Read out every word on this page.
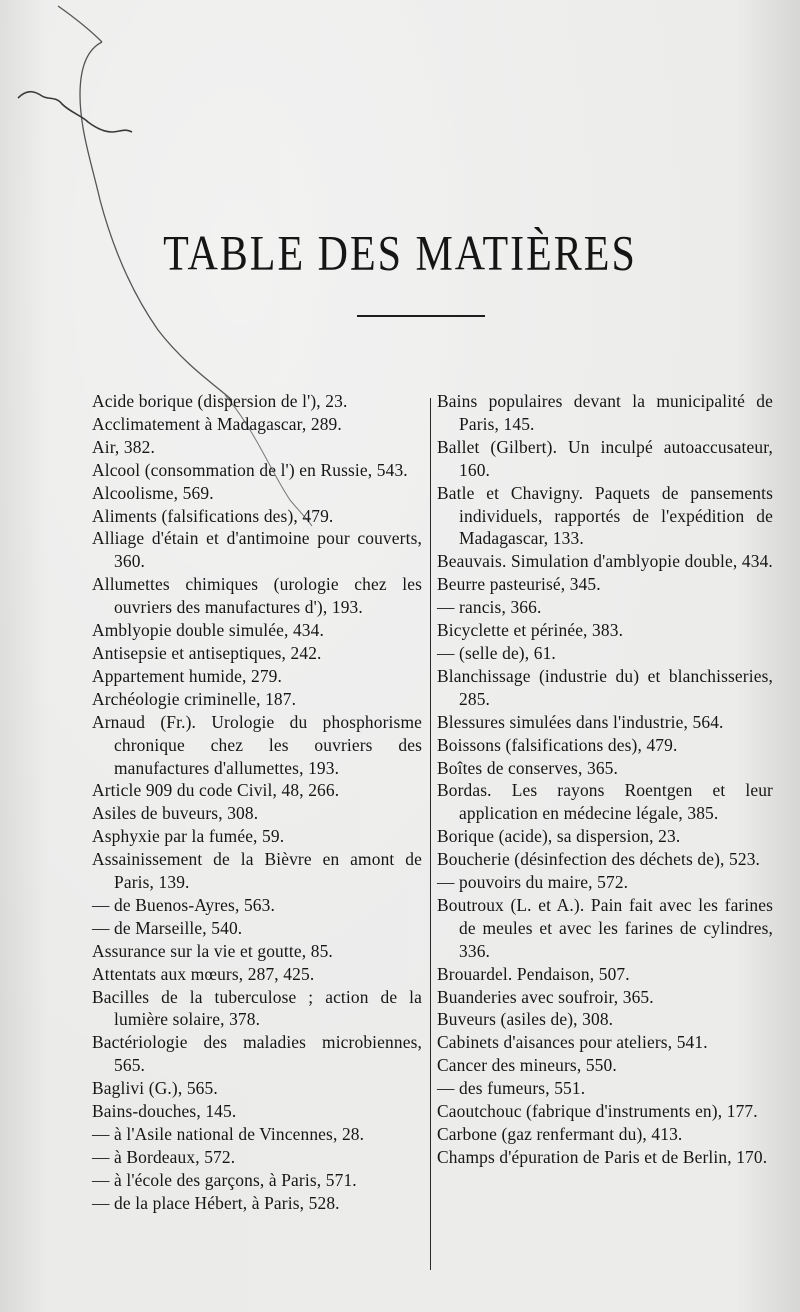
TABLE DES MATIÈRES
Acide borique (dispersion de l'), 23.
Acclimatement à Madagascar, 289.
Air, 382.
Alcool (consommation de l') en Russie, 543.
Alcoolisme, 569.
Aliments (falsifications des), 479.
Alliage d'étain et d'antimoine pour couverts, 360.
Allumettes chimiques (urologie chez les ouvriers des manufactures d'), 193.
Amblyopie double simulée, 434.
Antisepsie et antiseptiques, 242.
Appartement humide, 279.
Archéologie criminelle, 187.
Arnaud (Fr.). Urologie du phosphorisme chronique chez les ouvriers des manufactures d'allumettes, 193.
Article 909 du code Civil, 48, 266.
Asiles de buveurs, 308.
Asphyxie par la fumée, 59.
Assainissement de la Bièvre en amont de Paris, 139.
— de Buenos-Ayres, 563.
— de Marseille, 540.
Assurance sur la vie et goutte, 85.
Attentats aux mœurs, 287, 425.
Bacilles de la tuberculose ; action de la lumière solaire, 378.
Bactériologie des maladies microbiennes, 565.
Baglivi (G.), 565.
Bains-douches, 145.
— à l'Asile national de Vincennes, 28.
— à Bordeaux, 572.
— à l'école des garçons, à Paris, 571.
— de la place Hébert, à Paris, 528.
Bains populaires devant la municipalité de Paris, 145.
Ballet (Gilbert). Un inculpé autoaccusateur, 160.
Batle et Chavigny. Paquets de pansements individuels, rapportés de l'expédition de Madagascar, 133.
Beauvais. Simulation d'amblyopie double, 434.
Beurre pasteurisé, 345.
— rancis, 366.
Bicyclette et périnée, 383.
— (selle de), 61.
Blanchissage (industrie du) et blanchisseries, 285.
Blessures simulées dans l'industrie, 564.
Boissons (falsifications des), 479.
Boîtes de conserves, 365.
Bordas. Les rayons Roentgen et leur application en médecine légale, 385.
Borique (acide), sa dispersion, 23.
Boucherie (désinfection des déchets de), 523.
— pouvoirs du maire, 572.
Boutroux (L. et A.). Pain fait avec les farines de meules et avec les farines de cylindres, 336.
Brouardel. Pendaison, 507.
Buanderies avec soufroir, 365.
Buveurs (asiles de), 308.
Cabinets d'aisances pour ateliers, 541.
Cancer des mineurs, 550.
— des fumeurs, 551.
Caoutchouc (fabrique d'instruments en), 177.
Carbone (gaz renfermant du), 413.
Champs d'épuration de Paris et de Berlin, 170.
